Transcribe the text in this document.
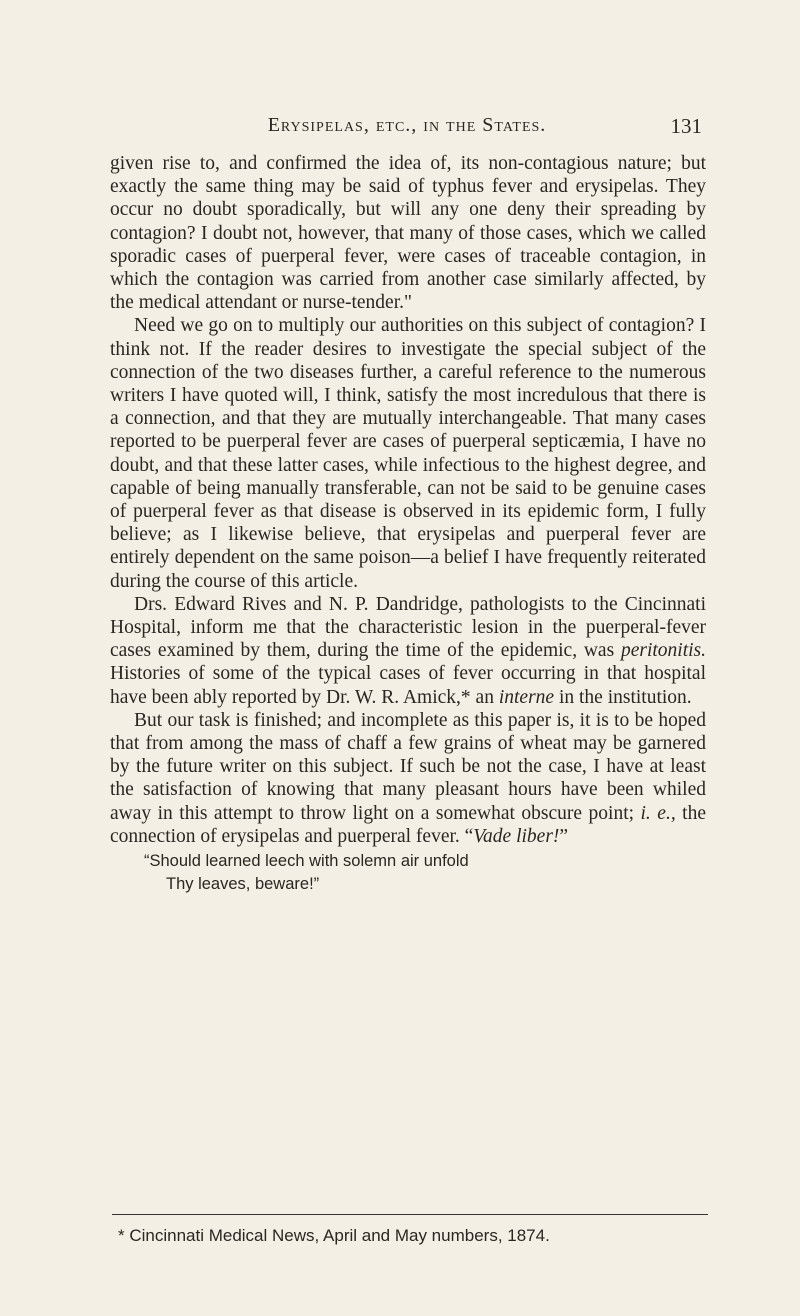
Erysipelas, etc., in the States.	131

given rise to, and confirmed the idea of, its non-contagious nature; but exactly the same thing may be said of typhus fever and erysipelas. They occur no doubt sporadically, but will any one deny their spreading by contagion? I doubt not, however, that many of those cases, which we called sporadic cases of puerperal fever, were cases of traceable contagion, in which the contagion was carried from another case similarly affected, by the medical attendant or nurse-tender."

Need we go on to multiply our authorities on this subject of contagion? I think not. If the reader desires to investigate the special subject of the connection of the two diseases further, a careful reference to the numerous writers I have quoted will, I think, satisfy the most incredulous that there is a connection, and that they are mutually interchangeable. That many cases reported to be puerperal fever are cases of puerperal septicæmia, I have no doubt, and that these latter cases, while infectious to the highest degree, and capable of being manually transferable, can not be said to be genuine cases of puerperal fever as that disease is observed in its epidemic form, I fully believe; as I likewise believe, that erysipelas and puerperal fever are entirely dependent on the same poison—a belief I have frequently reiterated during the course of this article.

Drs. Edward Rives and N. P. Dandridge, pathologists to the Cincinnati Hospital, inform me that the characteristic lesion in the puerperal-fever cases examined by them, during the time of the epidemic, was peritonitis. Histories of some of the typical cases of fever occurring in that hospital have been ably reported by Dr. W. R. Amick,* an interne in the institution.

But our task is finished; and incomplete as this paper is, it is to be hoped that from among the mass of chaff a few grains of wheat may be garnered by the future writer on this subject. If such be not the case, I have at least the satisfaction of knowing that many pleasant hours have been whiled away in this attempt to throw light on a somewhat obscure point; i. e., the connection of erysipelas and puerperal fever. “Vade liber!”

“Should learned leech with solemn air unfold
Thy leaves, beware!”
* Cincinnati Medical News, April and May numbers, 1874.
